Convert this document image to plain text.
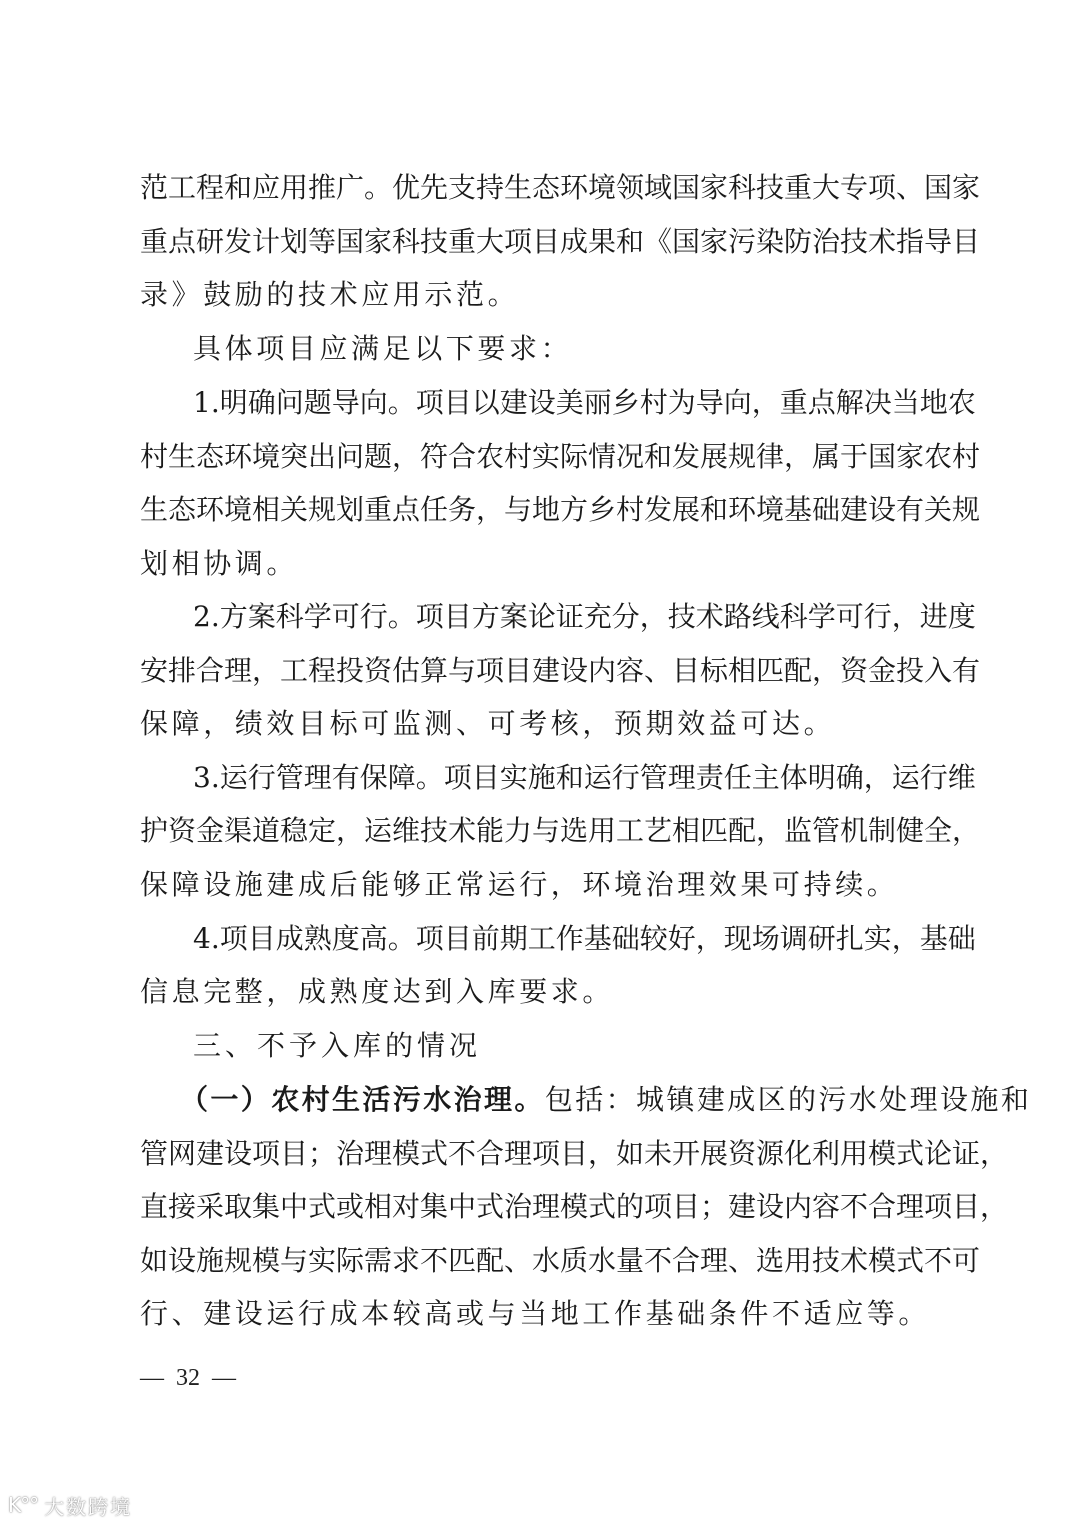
范工程和应用推广。优先支持生态环境领域国家科技重大专项、国家
重点研发计划等国家科技重大项目成果和《国家污染防治技术指导目
录》鼓励的技术应用示范。
具体项目应满足以下要求：
1.明确问题导向。项目以建设美丽乡村为导向，重点解决当地农
村生态环境突出问题，符合农村实际情况和发展规律，属于国家农村
生态环境相关规划重点任务，与地方乡村发展和环境基础建设有关规
划相协调。
2.方案科学可行。项目方案论证充分，技术路线科学可行，进度
安排合理，工程投资估算与项目建设内容、目标相匹配，资金投入有
保障，绩效目标可监测、可考核，预期效益可达。
3.运行管理有保障。项目实施和运行管理责任主体明确，运行维
护资金渠道稳定，运维技术能力与选用工艺相匹配，监管机制健全，
保障设施建成后能够正常运行，环境治理效果可持续。
4.项目成熟度高。项目前期工作基础较好，现场调研扎实，基础
信息完整，成熟度达到入库要求。
三、不予入库的情况
（一）农村生活污水治理。包括：城镇建成区的污水处理设施和
管网建设项目；治理模式不合理项目，如未开展资源化利用模式论证，
直接采取集中式或相对集中式治理模式的项目；建设内容不合理项目，
如设施规模与实际需求不匹配、水质水量不合理、选用技术模式不可
行、建设运行成本较高或与当地工作基础条件不适应等。
—  32  —
K°° 大数跨境
